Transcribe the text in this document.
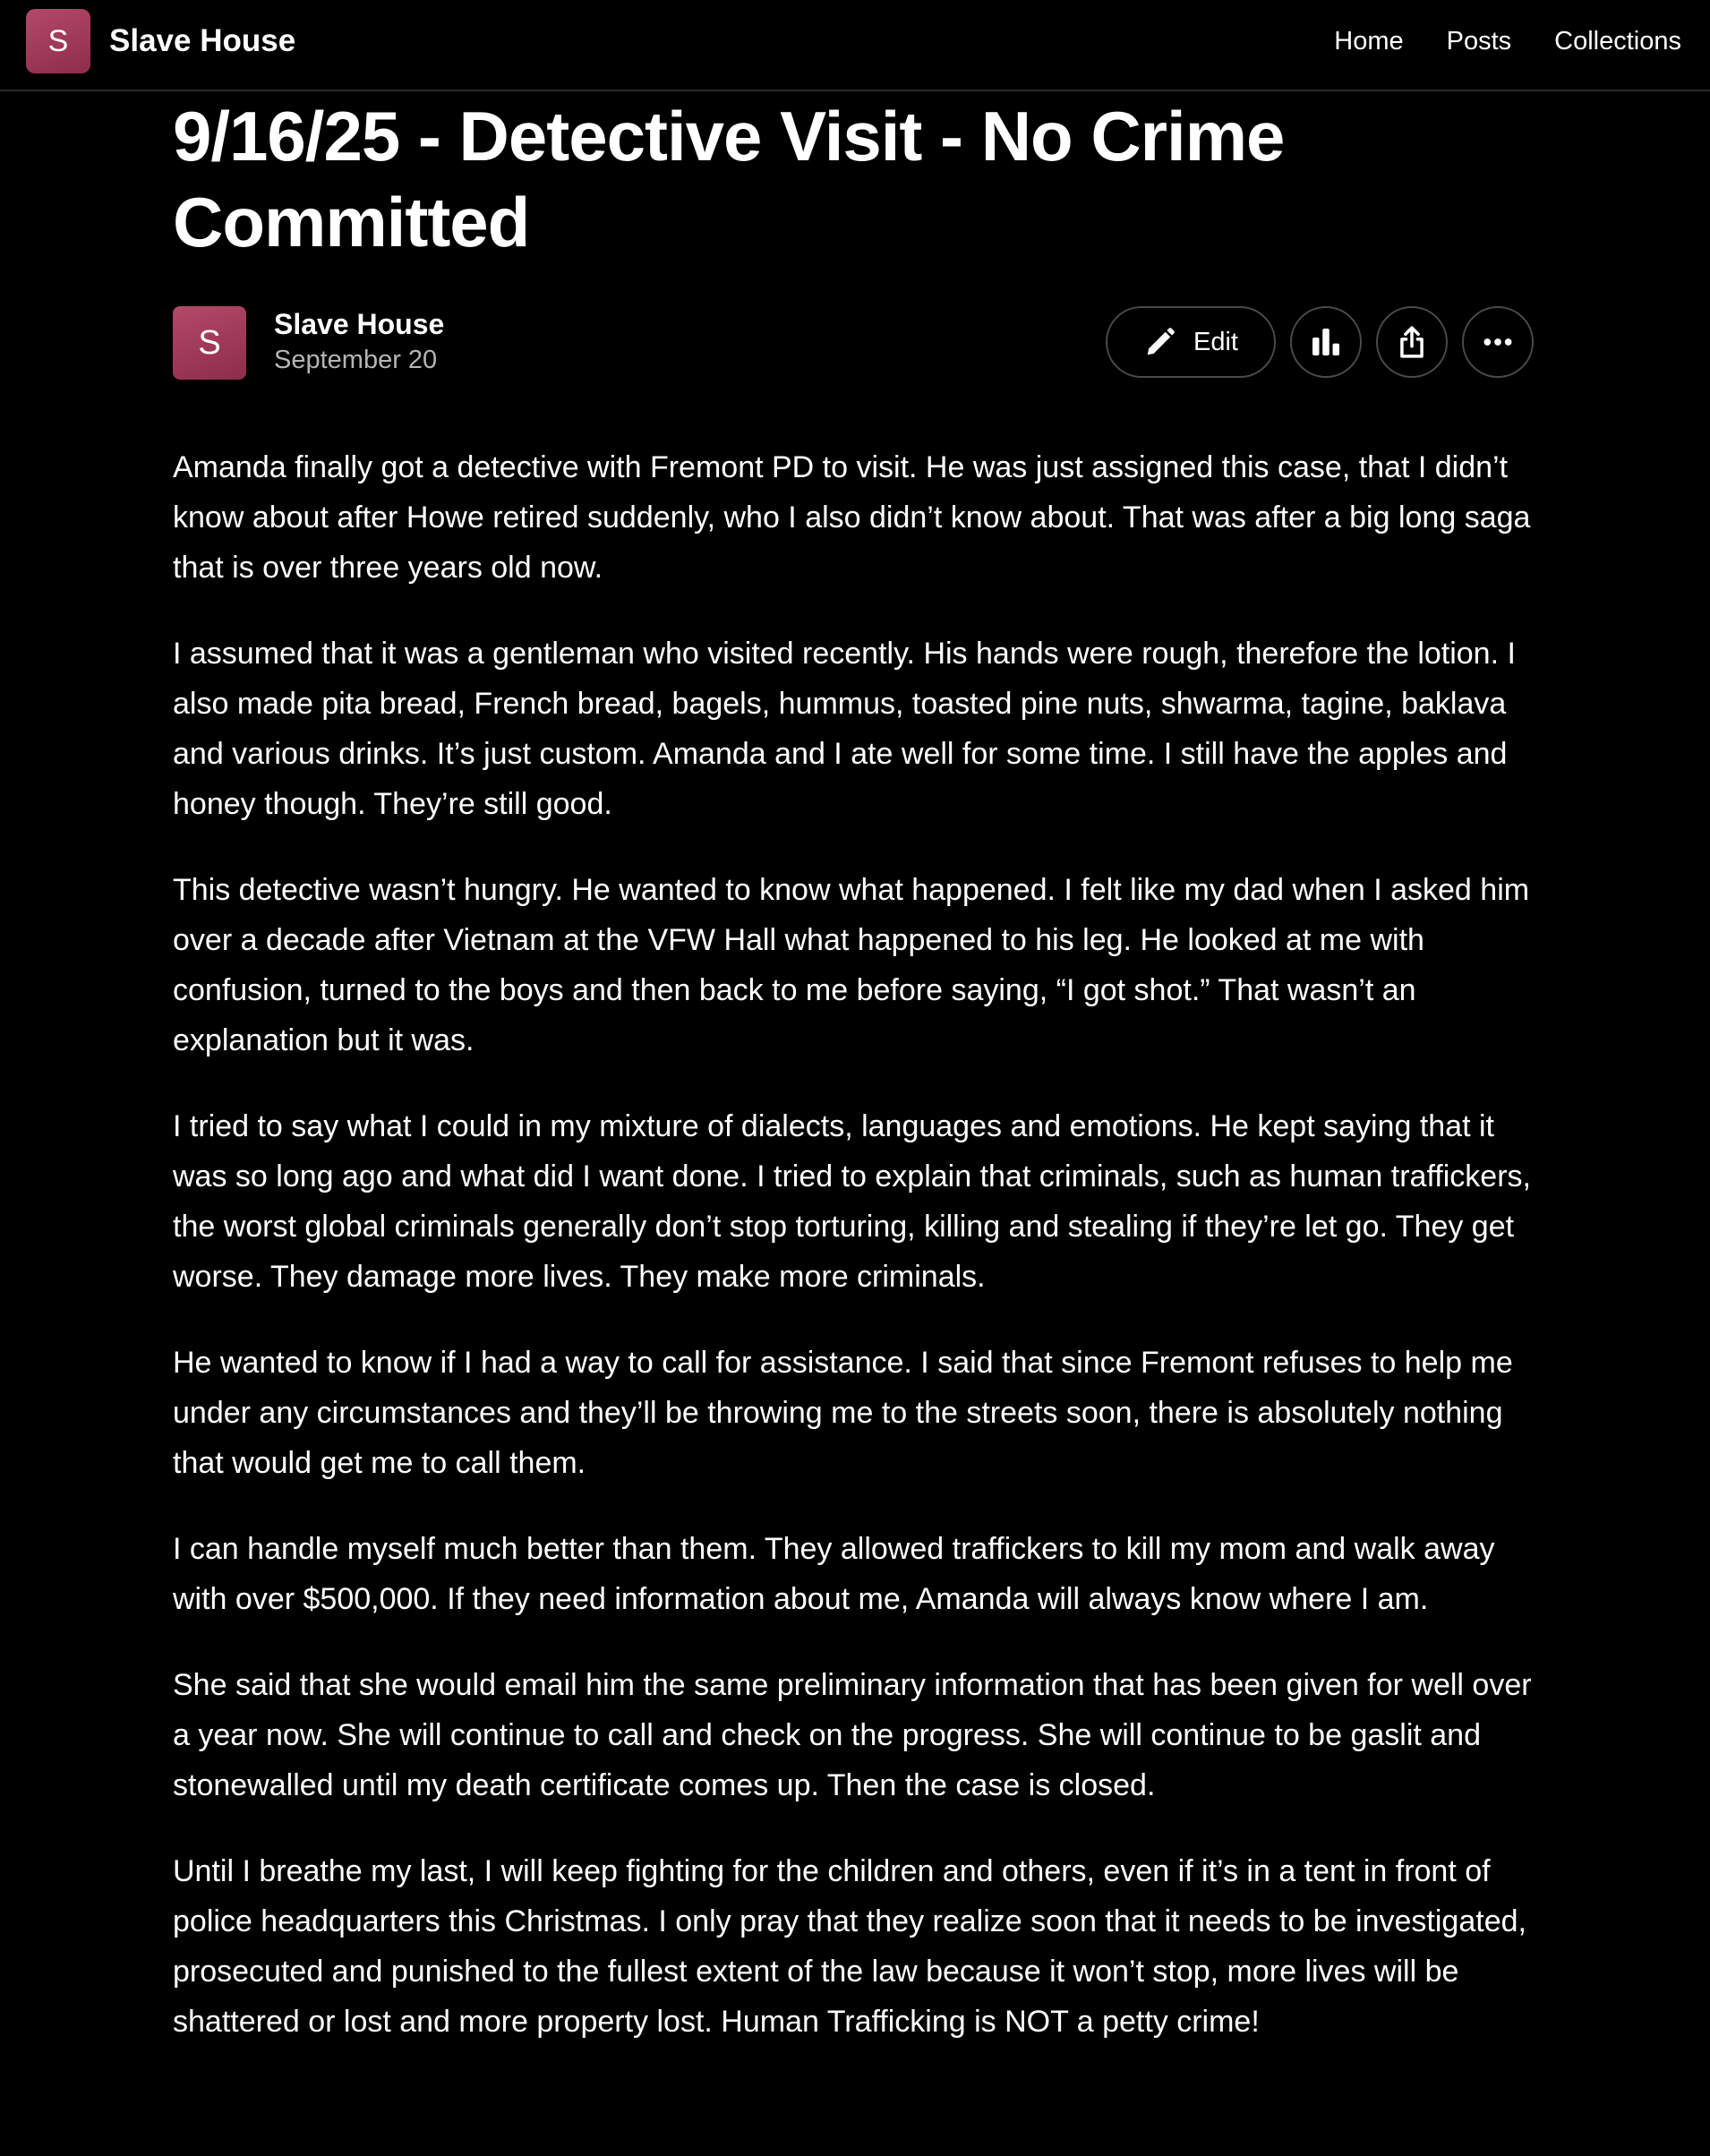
S Slave House	Home Posts Collections
9/16/25 - Detective Visit - No Crime Committed
S Slave House
September 20
Edit

Amanda finally got a detective with Fremont PD to visit. He was just assigned this case, that I didn’t know about after Howe retired suddenly, who I also didn’t know about. That was after a big long saga that is over three years old now.

I assumed that it was a gentleman who visited recently. His hands were rough, therefore the lotion. I also made pita bread, French bread, bagels, hummus, toasted pine nuts, shwarma, tagine, baklava and various drinks. It’s just custom. Amanda and I ate well for some time. I still have the apples and honey though. They’re still good.

This detective wasn’t hungry. He wanted to know what happened. I felt like my dad when I asked him over a decade after Vietnam at the VFW Hall what happened to his leg. He looked at me with confusion, turned to the boys and then back to me before saying, “I got shot.” That wasn’t an explanation but it was.

I tried to say what I could in my mixture of dialects, languages and emotions. He kept saying that it was so long ago and what did I want done. I tried to explain that criminals, such as human traffickers, the worst global criminals generally don’t stop torturing, killing and stealing if they’re let go. They get worse. They damage more lives. They make more criminals.

He wanted to know if I had a way to call for assistance. I said that since Fremont refuses to help me under any circumstances and they’ll be throwing me to the streets soon, there is absolutely nothing that would get me to call them.

I can handle myself much better than them. They allowed traffickers to kill my mom and walk away with over $500,000. If they need information about me, Amanda will always know where I am.

She said that she would email him the same preliminary information that has been given for well over a year now. She will continue to call and check on the progress. She will continue to be gaslit and stonewalled until my death certificate comes up. Then the case is closed.

Until I breathe my last, I will keep fighting for the children and others, even if it’s in a tent in front of police headquarters this Christmas. I only pray that they realize soon that it needs to be investigated, prosecuted and punished to the fullest extent of the law because it won’t stop, more lives will be shattered or lost and more property lost. Human Trafficking is NOT a petty crime!
